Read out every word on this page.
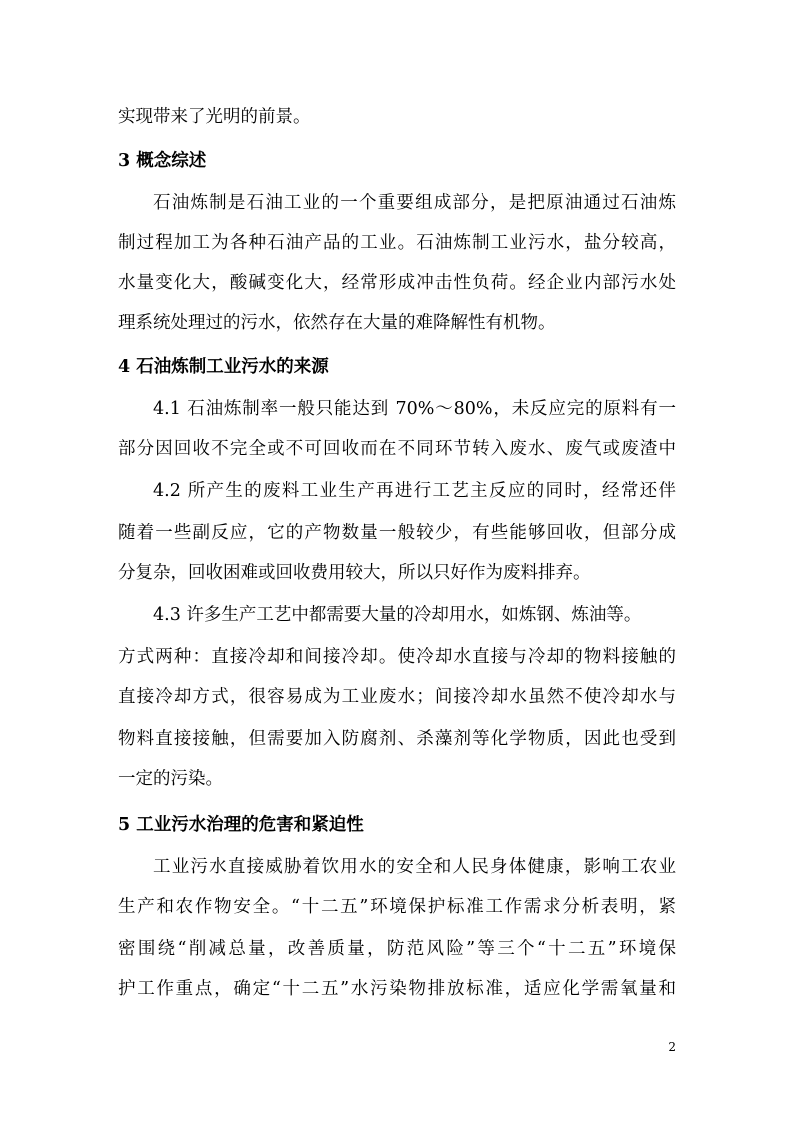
实现带来了光明的前景。
3 概念综述
石油炼制是石油工业的一个重要组成部分，是把原油通过石油炼
制过程加工为各种石油产品的工业。石油炼制工业污水，盐分较高，
水量变化大，酸碱变化大，经常形成冲击性负荷。经企业内部污水处
理系统处理过的污水，依然存在大量的难降解性有机物。
4 石油炼制工业污水的来源
4.1 石油炼制率一般只能达到 70%～80%，未反应完的原料有一
部分因回收不完全或不可回收而在不同环节转入废水、废气或废渣中
4.2 所产生的废料工业生产再进行工艺主反应的同时，经常还伴
随着一些副反应，它的产物数量一般较少，有些能够回收，但部分成
分复杂，回收困难或回收费用较大，所以只好作为废料排弃。
4.3 许多生产工艺中都需要大量的冷却用水，如炼钢、炼油等。
方式两种：直接冷却和间接冷却。使冷却水直接与冷却的物料接触的
直接冷却方式，很容易成为工业废水；间接冷却水虽然不使冷却水与
物料直接接触，但需要加入防腐剂、杀藻剂等化学物质，因此也受到
一定的污染。
5 工业污水治理的危害和紧迫性
工业污水直接威胁着饮用水的安全和人民身体健康，影响工农业
生产和农作物安全。“十二五”环境保护标准工作需求分析表明，紧
密围绕“削减总量，改善质量，防范风险”等三个“十二五”环境保
护工作重点，确定“十二五”水污染物排放标准，适应化学需氧量和
2
